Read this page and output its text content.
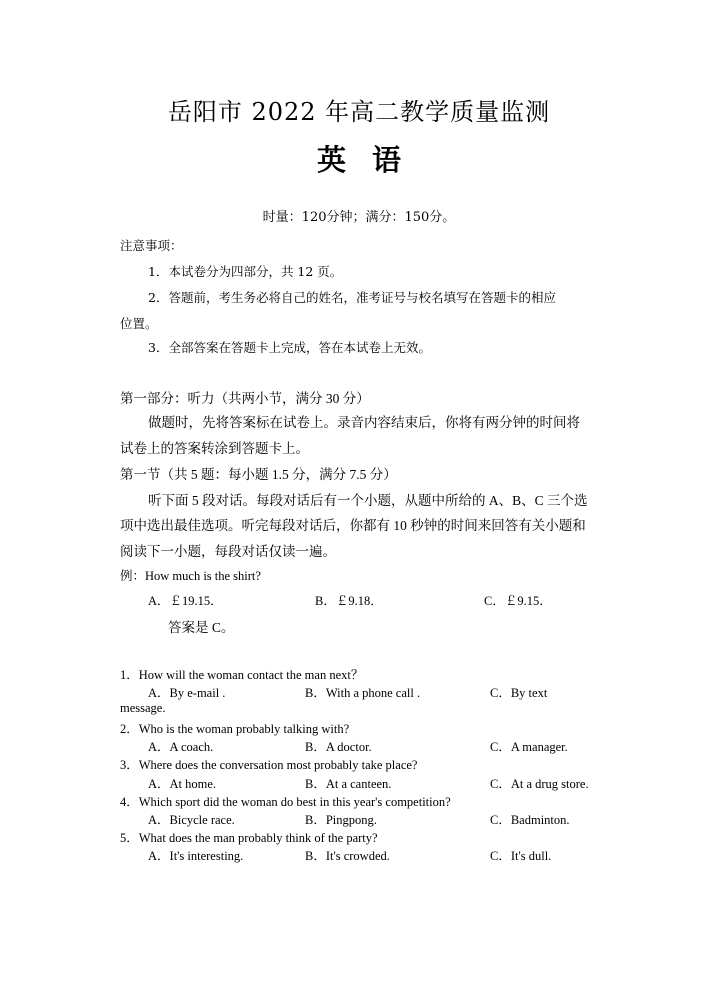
岳阳市 2022 年高二教学质量监测
英语
时量：120分钟；满分：150分。
注意事项：
1．本试卷分为四部分，共 12 页。
2．答题前，考生务必将自己的姓名，准考证号与校名填写在答题卡的相应
位置。
3．全部答案在答题卡上完成，答在本试卷上无效。
第一部分：听力（共两小节，满分 30 分）
做题时，先将答案标在试卷上。录音内容结束后，你将有两分钟的时间将
试卷上的答案转涂到答题卡上。
第一节（共 5 题：每小题 1.5 分，满分 7.5 分）
听下面 5 段对话。每段对话后有一个小题，从题中所给的 A、B、C 三个选
项中选出最佳选项。听完每段对话后，你都有 10 秒钟的时间来回答有关小题和
阅读下一小题，每段对话仅读一遍。
例：How much is the shirt?
A．￡19.15．	B．￡9.18．	C．￡9.15．
答案是 C。
1．How will the woman contact the man next？
A．By e-mail .	B．With a phone call .	C．By text
message.
2．Who is the woman probably talking with?
A．A coach.	B．A doctor.	C．A manager.
3．Where does the conversation most probably take place?
A．At home.	B．At a canteen.	C．At a drug store.
4．Which sport did the woman do best in this year's competition?
A．Bicycle race.	B．Pingpong.	C．Badminton.
5．What does the man probably think of the party?
A．It's interesting.	B．It's crowded.	C．It's dull.
